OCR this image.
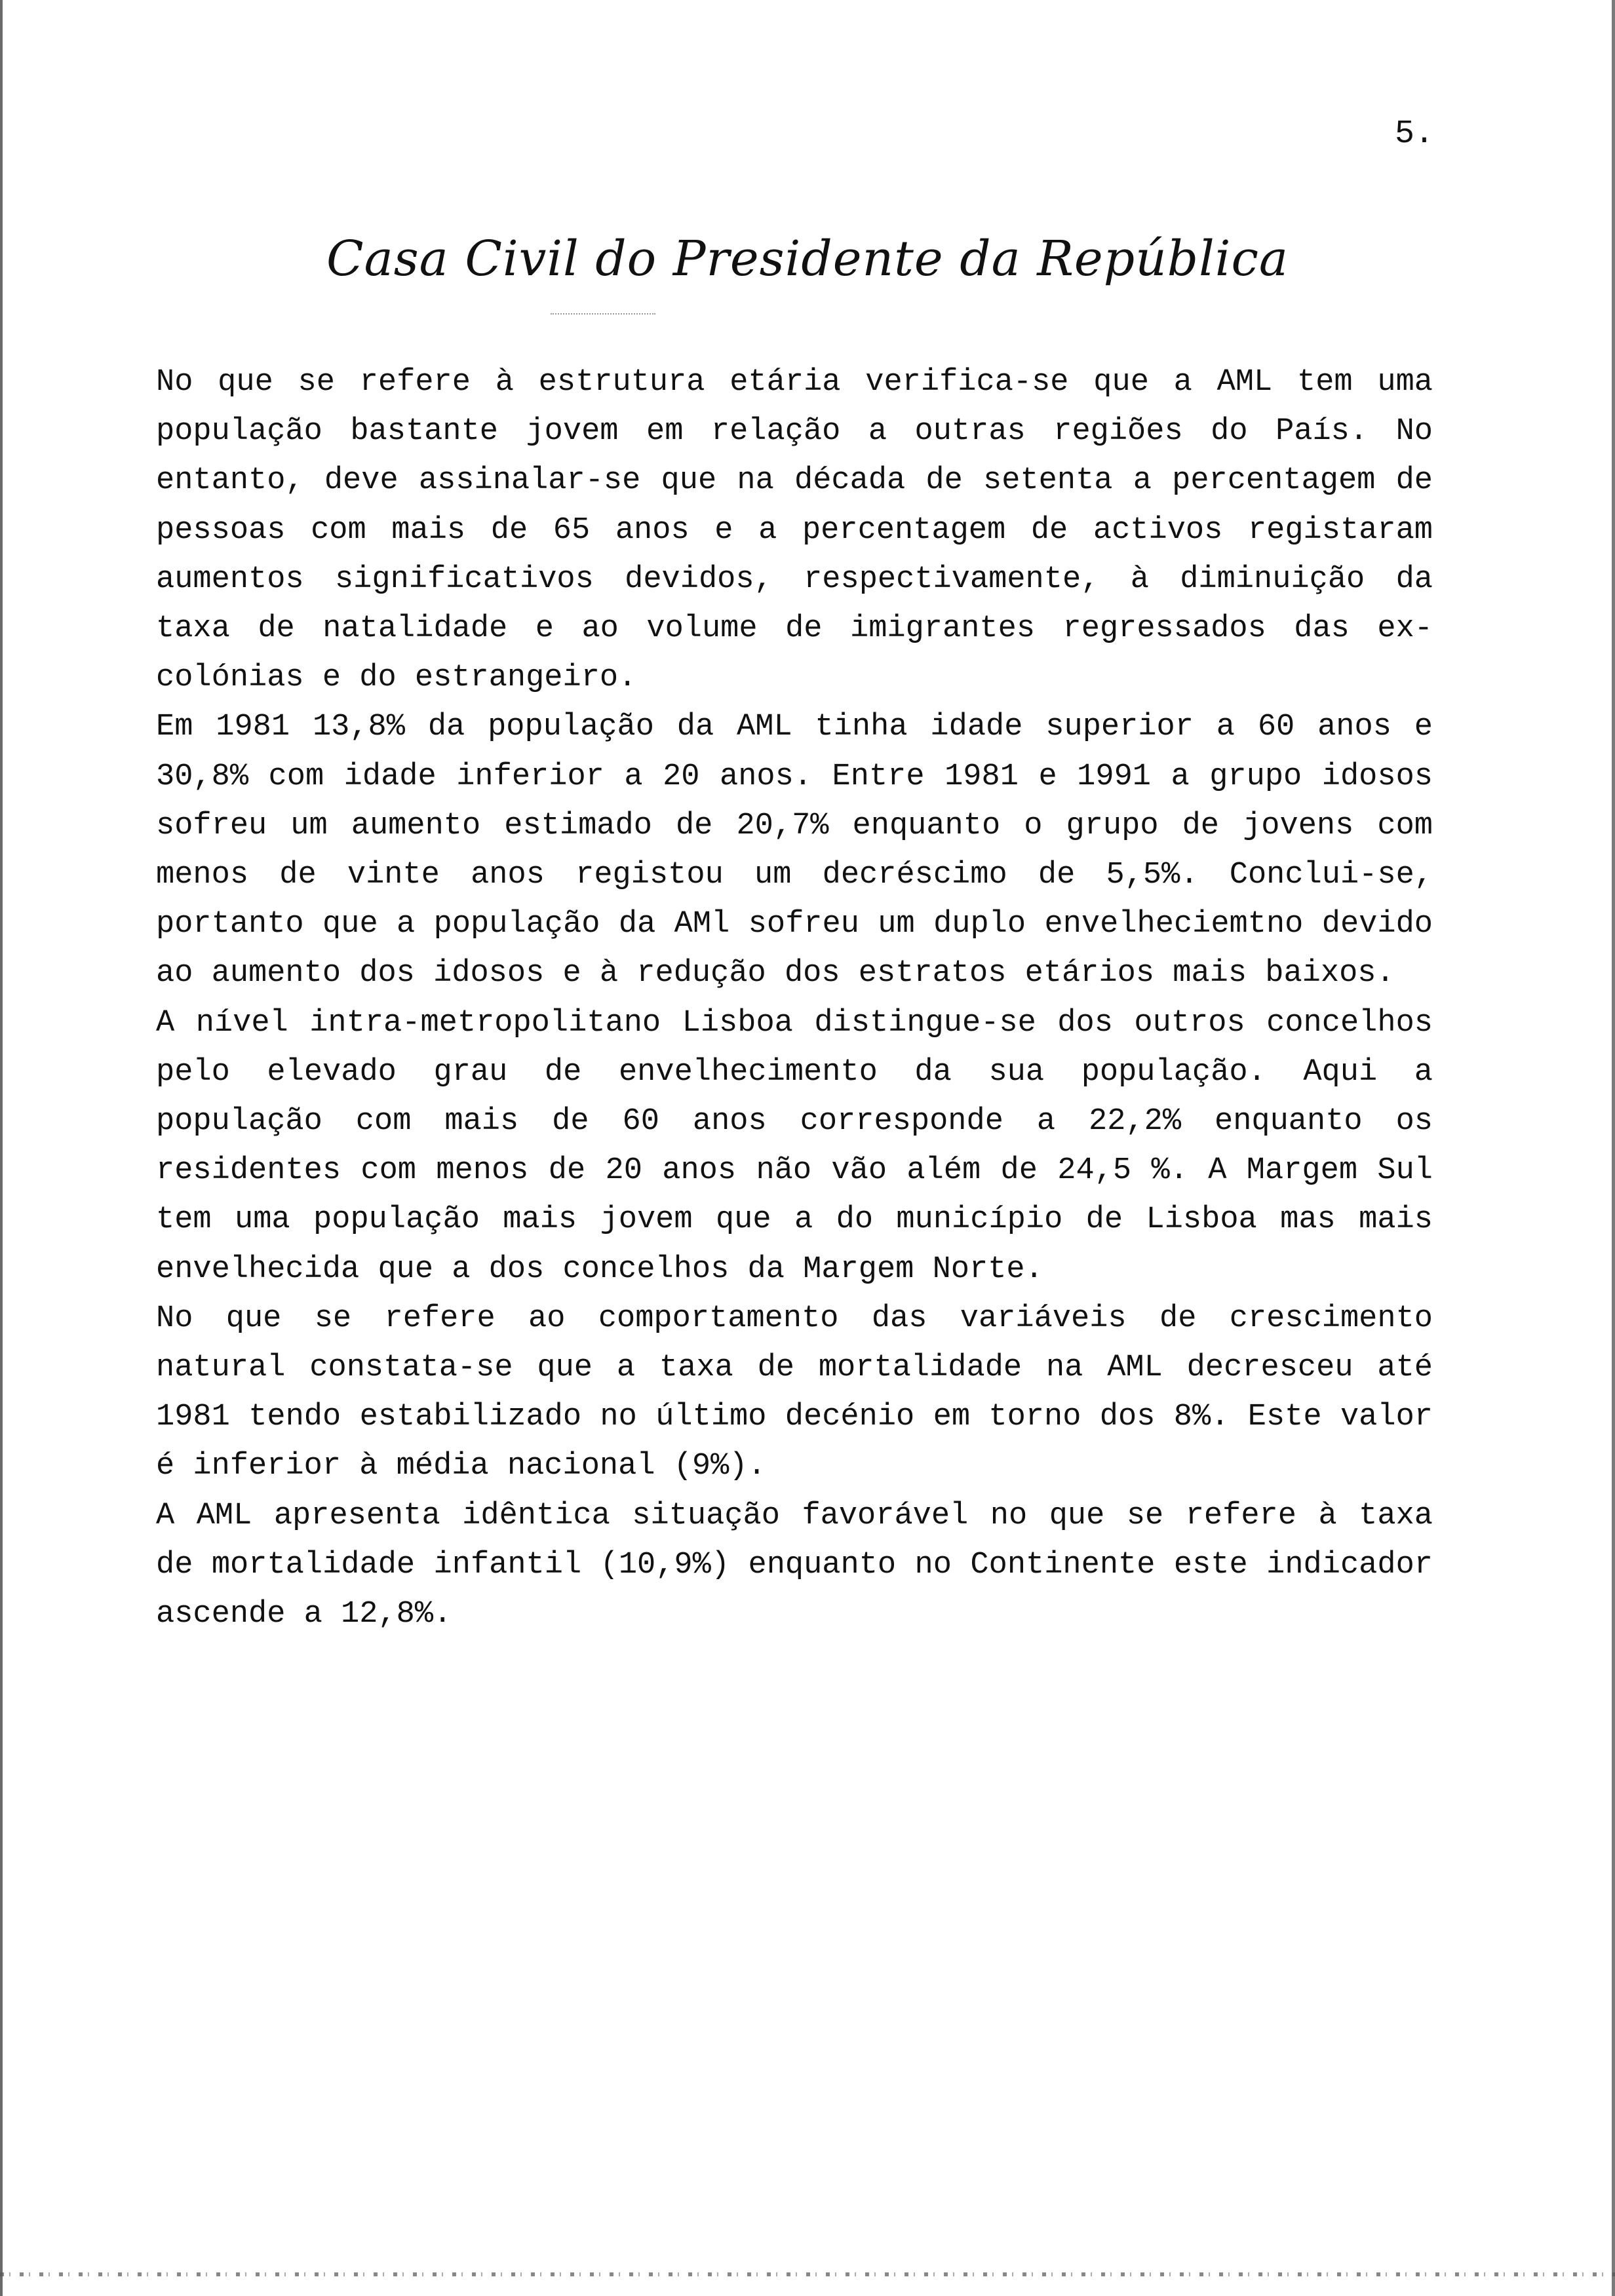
5.
Casa Civil do Presidente da República

No que se refere à estrutura etária verifica-se que a AML tem uma população bastante jovem em relação a outras regiões do País. No entanto, deve assinalar-se que na década de setenta a percentagem de pessoas com mais de 65 anos e a percentagem de activos registaram aumentos significativos devidos, respectivamente, à diminuição da taxa de natalidade e ao volume de imigrantes regressados das ex-colónias e do estrangeiro.

Em 1981 13,8% da população da AML tinha idade superior a 60 anos e 30,8% com idade inferior a 20 anos. Entre 1981 e 1991 a grupo idosos sofreu um aumento estimado de 20,7% enquanto o grupo de jovens com menos de vinte anos registou um decréscimo de 5,5%. Conclui-se, portanto que a população da AMl sofreu um duplo envelheciemtno devido ao aumento dos idosos e à redução dos estratos etários mais baixos.

A nível intra-metropolitano Lisboa distingue-se dos outros concelhos pelo elevado grau de envelhecimento da sua população. Aqui a população com mais de 60 anos corresponde a 22,2% enquanto os residentes com menos de 20 anos não vão além de 24,5 %. A Margem Sul tem uma população mais jovem que a do município de Lisboa mas mais envelhecida que a dos concelhos da Margem Norte.

No que se refere ao comportamento das variáveis de crescimento natural constata-se que a taxa de mortalidade na AML decresceu até 1981 tendo estabilizado no último decénio em torno dos 8%. Este valor é inferior à média nacional (9%).

A AML apresenta idêntica situação favorável no que se refere à taxa de mortalidade infantil (10,9%) enquanto no Continente este indicador ascende a 12,8%.
